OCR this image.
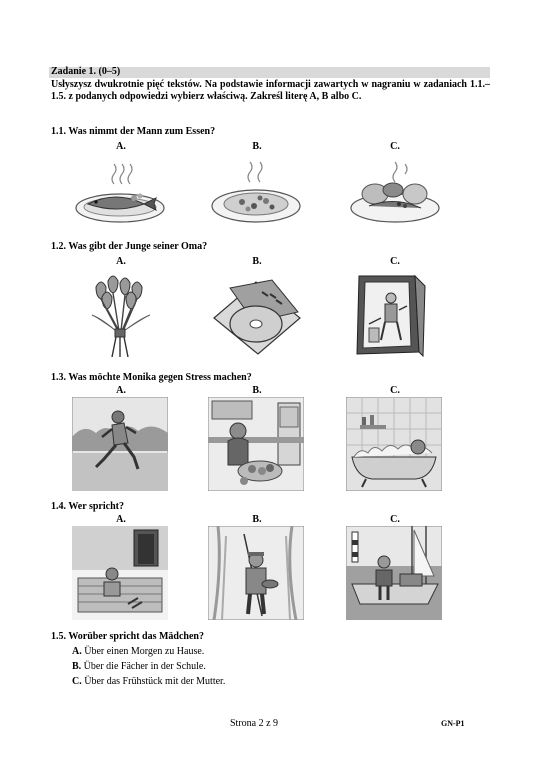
Zadanie 1. (0–5)
Usłyszysz dwukrotnie pięć tekstów. Na podstawie informacji zawartych w nagraniu w zadaniach 1.1.–1.5. z podanych odpowiedzi wybierz właściwą. Zakreśl literę A, B albo C.
1.1. Was nimmt der Mann zum Essen?
A.	B.	C.
1.2. Was gibt der Junge seiner Oma?
A.	B.	C.
1.3. Was möchte Monika gegen Stress machen?
A.	B.	C.
1.4. Wer spricht?
A.	B.	C.
1.5. Worüber spricht das Mädchen?
A. Über einen Morgen zu Hause.
B. Über die Fächer in der Schule.
C. Über das Frühstück mit der Mutter.
Strona 2 z 9	GN-P1
